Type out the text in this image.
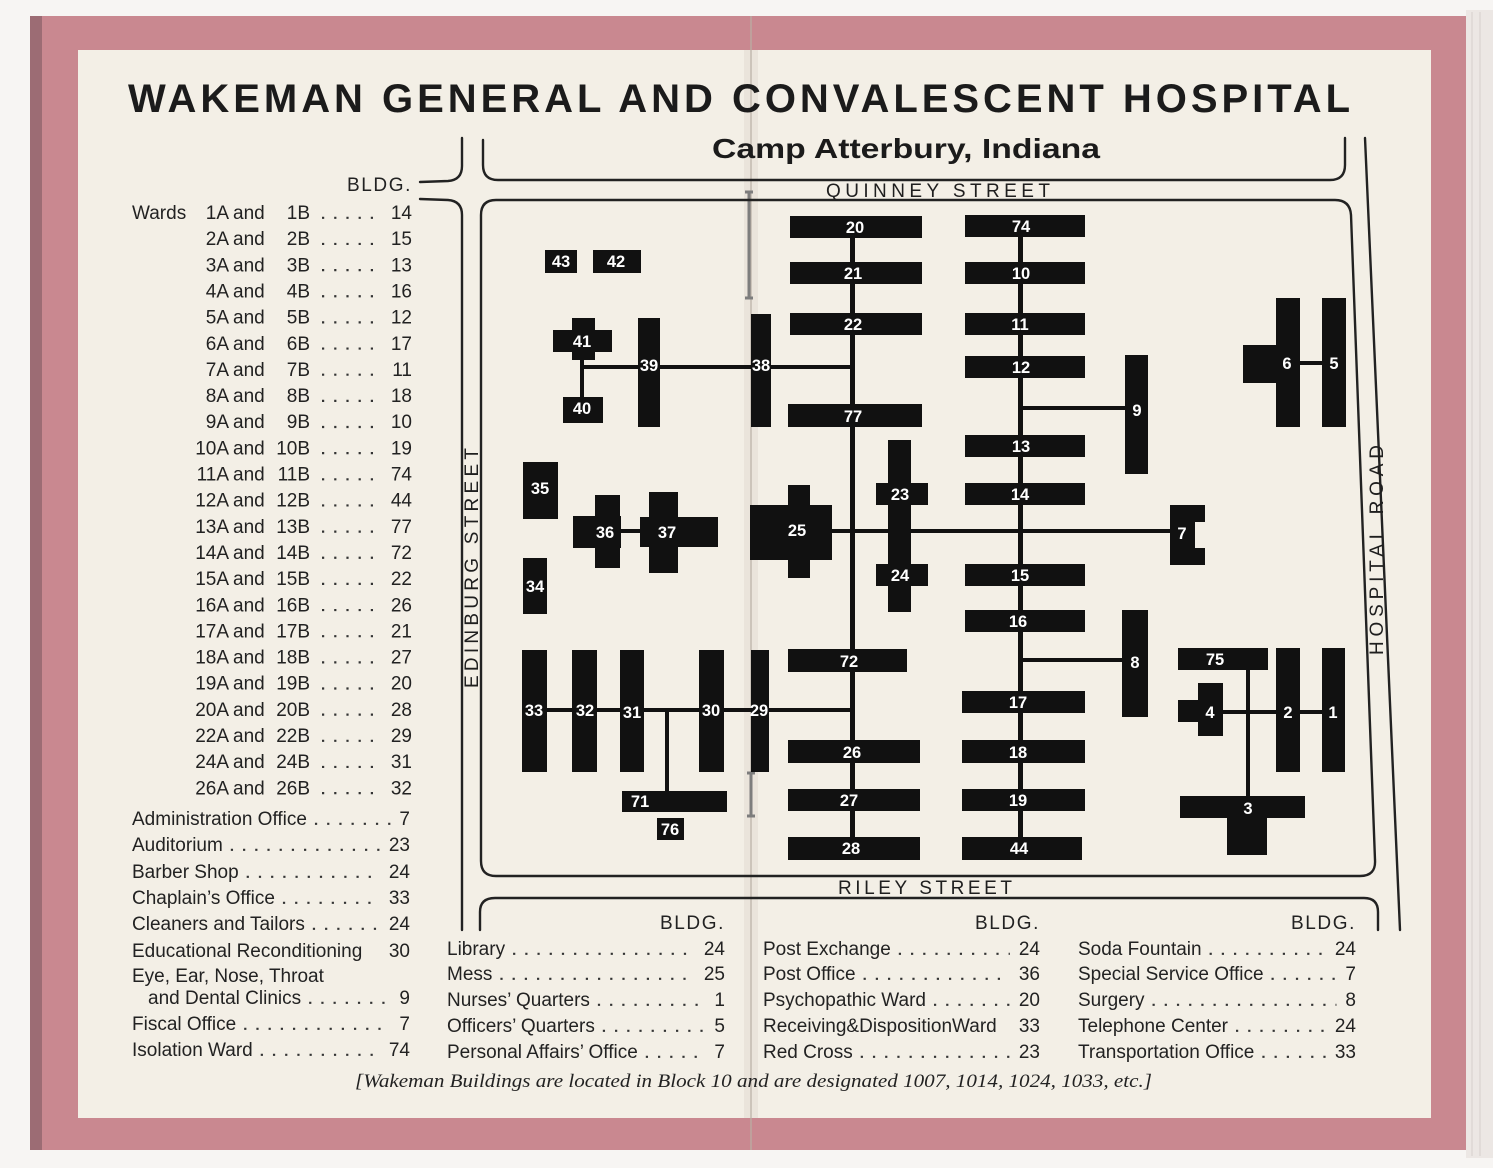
WAKEMAN GENERAL AND CONVALESCENT HOSPITAL
Camp Atterbury, Indiana
QUINNEY STREET
RILEY STREET
EDINBURG STREET
HOSPITAL ROAD
1
2
3
4
5
6
7
8
9
10
11
12
13
14
15
16
17
18
19
20
21
22
23
24
25
26
27
28
29
30
31
32
33
34
35
36	37
38
39
40
41
42
43
44
71
72
74
75
76
77
BLDG.
BLDG.	BLDG.	BLDG.
Wards 1A and 1B	14
2A and 2B	15
3A and 3B	13
4A and 4B	16
5A and 5B	12
6A and 6B	17
7A and 7B	11
8A and 8B	18
9A and 9B	10
10A and 10B	19
11A and 11B	74
12A and 12B	44
13A and 13B	77
14A and 14B	72
15A and 15B	22
16A and 16B	26
17A and 17B	21
18A and 18B	27
19A and 19B	20
20A and 20B	28
22A and 22B	29
24A and 24B	31
26A and 26B	32
Administration Office	7
Auditorium	23
Barber Shop	24
Chaplain’s Office	33
Cleaners and Tailors	24
Educational Reconditioning 30
Eye, Ear, Nose, Throat
and Dental Clinics	9
Fiscal Office	7
Isolation Ward	74
Library	24
Mess	25
Nurses’ Quarters	1
Officers’ Quarters	5
Personal Affairs’ Office	7
Post Exchange	24
Post Office	36
Psychopathic Ward	20
Receiving&DispositionWard 33
Red Cross	23
Soda Fountain	24
Special Service Office	7
Surgery	8
Telephone Center	24
Transportation Office	33
[Wakeman Buildings are located in Block 10 and are designated 1007, 1014, 1024, 1033, etc.]
